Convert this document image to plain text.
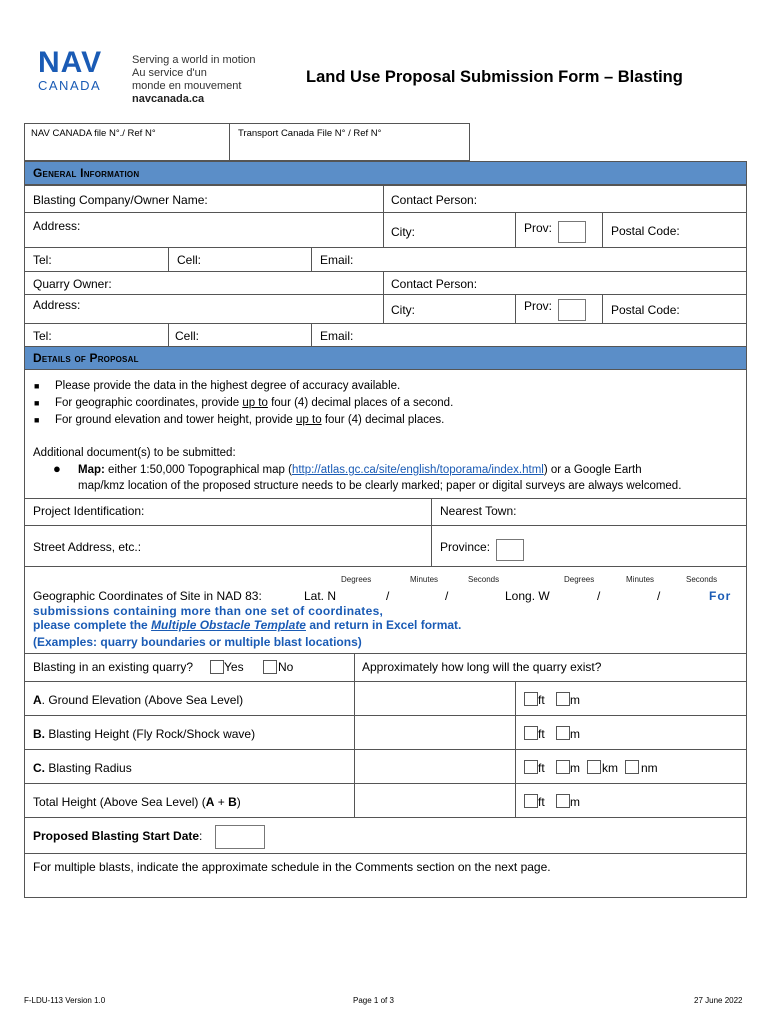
NAV
CANADA
Serving a world in motion
Au service d'un
monde en mouvement
navcanada.ca
Land Use Proposal Submission Form – Blasting
NAV CANADA file N°./ Ref N°	Transport Canada File N° / Ref N°
General Information
Blasting Company/Owner Name:	Contact Person:
Address:	City:	Prov:	Postal Code:
Tel:	Cell:	Email:
Quarry Owner:	Contact Person:
Address:	City:	Prov:	Postal Code:
Tel:	Cell:	Email:
Details of Proposal
■ Please provide the data in the highest degree of accuracy available.
■ For geographic coordinates, provide up to four (4) decimal places of a second.
■ For ground elevation and tower height, provide up to four (4) decimal places.
Additional document(s) to be submitted:
● Map: either 1:50,000 Topographical map (http://atlas.gc.ca/site/english/toporama/index.html) or a Google Earth
map/kmz location of the proposed structure needs to be clearly marked; paper or digital surveys are always welcomed.
Project Identification:	Nearest Town:
Street Address, etc.:	Province:
Degrees	Minutes	Seconds	Degrees	Minutes	Seconds
Geographic Coordinates of Site in NAD 83:	Lat. N	/	/	Long. W	/	/	For
submissions containing more than one set of coordinates,
please complete the Multiple Obstacle Template and return in Excel format.
(Examples: quarry boundaries or multiple blast locations)
Blasting in an existing quarry?	Yes	No	Approximately how long will the quarry exist?
A. Ground Elevation (Above Sea Level)	ft m
B. Blasting Height (Fly Rock/Shock wave)	ft m
C. Blasting Radius	ft m km nm
Total Height (Above Sea Level) (A + B)	ft m
Proposed Blasting Start Date:
For multiple blasts, indicate the approximate schedule in the Comments section on the next page.
F-LDU-113 Version 1.0	Page 1 of 3	27 June 2022
